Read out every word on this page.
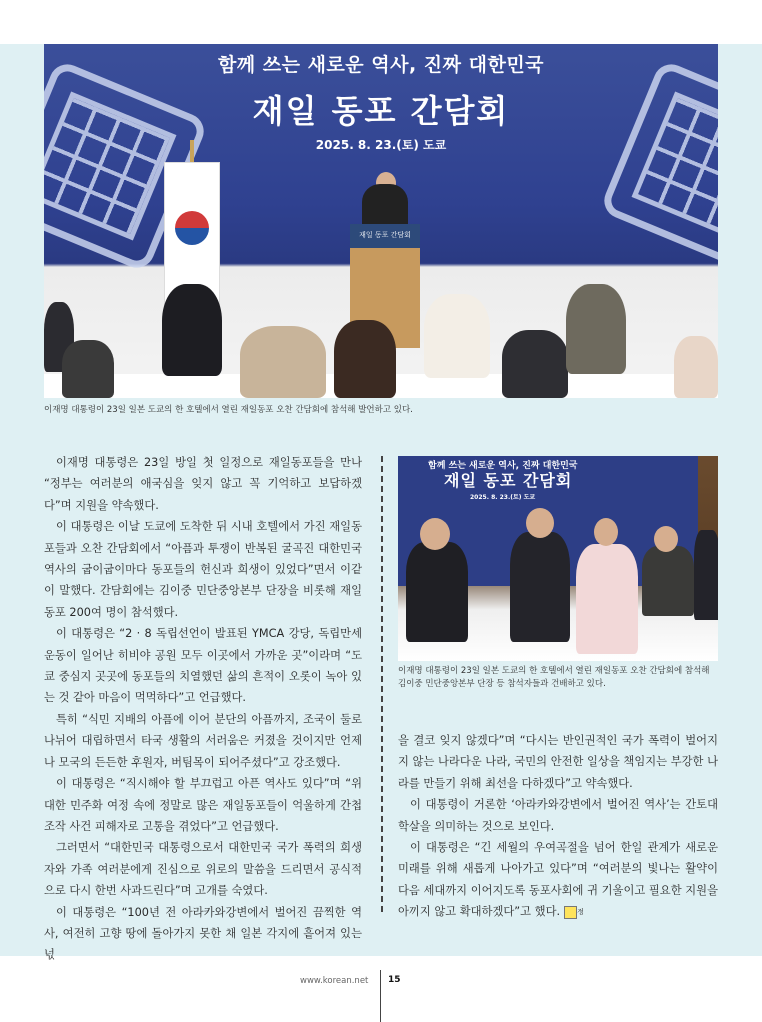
함께 쓰는 새로운 역사, 진짜 대한민국
재일 동포 간담회
2025. 8. 23.(토) 도쿄
재일 동포 간담회
이재명 대통령이 23일 일본 도쿄의 한 호텔에서 열린 재일동포 오찬 간담회에 참석해 발언하고 있다.

이재명 대통령은 23일 방일 첫 일정으로 재일동포들을 만나 “정부는 여러분의 애국심을 잊지 않고 꼭 기억하고 보답하겠다”며 지원을 약속했다.

이 대통령은 이날 도쿄에 도착한 뒤 시내 호텔에서 가진 재일동포들과 오찬 간담회에서 “아픔과 투쟁이 반복된 굴곡진 대한민국 역사의 굽이굽이마다 동포들의 헌신과 희생이 있었다”면서 이같이 말했다. 간담회에는 김이중 민단중앙본부 단장을 비롯해 재일동포 200여 명이 참석했다.

이 대통령은 “2 · 8 독립선언이 발표된 YMCA 강당, 독립만세 운동이 일어난 히비야 공원 모두 이곳에서 가까운 곳”이라며 “도쿄 중심지 곳곳에 동포들의 치열했던 삶의 흔적이 오롯이 녹아 있는 것 같아 마음이 먹먹하다”고 언급했다.

특히 “식민 지배의 아픔에 이어 분단의 아픔까지, 조국이 둘로 나뉘어 대립하면서 타국 생활의 서러움은 커졌을 것이지만 언제나 모국의 든든한 후원자, 버팀목이 되어주셨다”고 강조했다.

이 대통령은 “직시해야 할 부끄럽고 아픈 역사도 있다”며 “위대한 민주화 여정 속에 정말로 많은 재일동포들이 억울하게 간첩 조작 사건 피해자로 고통을 겪었다”고 언급했다.

그러면서 “대한민국 대통령으로서 대한민국 국가 폭력의 희생자와 가족 여러분에게 진심으로 위로의 말씀을 드리면서 공식적으로 다시 한번 사과드린다”며 고개를 숙였다.

이 대통령은 “100년 전 아라카와강변에서 벌어진 끔찍한 역사, 여전히 고향 땅에 돌아가지 못한 채 일본 각지에 흩어져 있는 넋

함께 쓰는 새로운 역사, 진짜 대한민국
재일 동포 간담회
2025. 8. 23.(토) 도쿄
이재명 대통령이 23일 일본 도쿄의 한 호텔에서 열린 재일동포 오찬 간담회에 참석해 김이중 민단중앙본부 단장 등 참석자들과 건배하고 있다.

을 결코 잊지 않겠다”며 “다시는 반인권적인 국가 폭력이 벌어지지 않는 나라다운 나라, 국민의 안전한 일상을 책임지는 부강한 나라를 만들기 위해 최선을 다하겠다”고 약속했다.

이 대통령이 거론한 ‘아라카와강변에서 벌어진 역사’는 간토대학살을 의미하는 것으로 보인다.

이 대통령은 “긴 세월의 우여곡절을 넘어 한일 관계가 새로운 미래를 위해 새롭게 나아가고 있다”며 “여러분의 빛나는 활약이 다음 세대까지 이어지도록 동포사회에 귀 기울이고 필요한 지원을 아끼지 않고 확대하겠다”고 했다. 정

www.korean.net 15
